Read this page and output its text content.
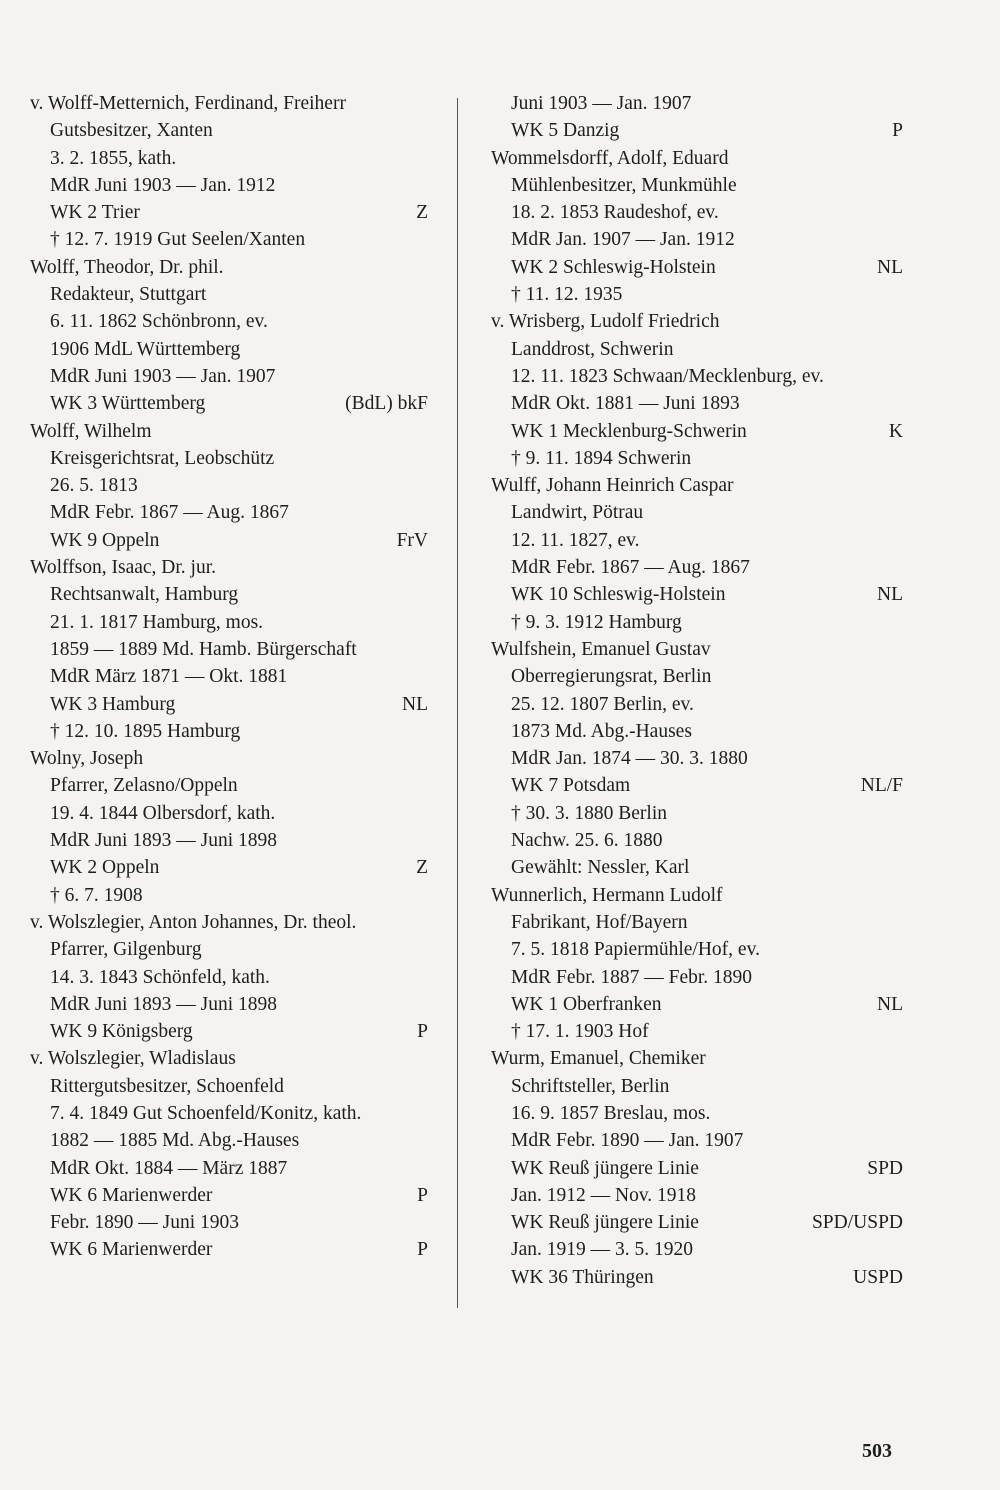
v. Wolff-Metternich, Ferdinand, Freiherr
Gutsbesitzer, Xanten
3. 2. 1855, kath.
MdR Juni 1903 — Jan. 1912
WK 2 Trier	Z
† 12. 7. 1919 Gut Seelen/Xanten
Wolff, Theodor, Dr. phil.
Redakteur, Stuttgart
6. 11. 1862 Schönbronn, ev.
1906 MdL Württemberg
MdR Juni 1903 — Jan. 1907
WK 3 Württemberg	(BdL) bkF
Wolff, Wilhelm
Kreisgerichtsrat, Leobschütz
26. 5. 1813
MdR Febr. 1867 — Aug. 1867
WK 9 Oppeln	FrV
Wolffson, Isaac, Dr. jur.
Rechtsanwalt, Hamburg
21. 1. 1817 Hamburg, mos.
1859 — 1889 Md. Hamb. Bürgerschaft
MdR März 1871 — Okt. 1881
WK 3 Hamburg	NL
† 12. 10. 1895 Hamburg
Wolny, Joseph
Pfarrer, Zelasno/Oppeln
19. 4. 1844 Olbersdorf, kath.
MdR Juni 1893 — Juni 1898
WK 2 Oppeln	Z
† 6. 7. 1908
v. Wolszlegier, Anton Johannes, Dr. theol.
Pfarrer, Gilgenburg
14. 3. 1843 Schönfeld, kath.
MdR Juni 1893 — Juni 1898
WK 9 Königsberg	P
v. Wolszlegier, Wladislaus
Rittergutsbesitzer, Schoenfeld
7. 4. 1849 Gut Schoenfeld/Konitz, kath.
1882 — 1885 Md. Abg.-Hauses
MdR Okt. 1884 — März 1887
WK 6 Marienwerder	P
Febr. 1890 — Juni 1903
WK 6 Marienwerder	P
Juni 1903 — Jan. 1907
WK 5 Danzig	P
Wommelsdorff, Adolf, Eduard
Mühlenbesitzer, Munkmühle
18. 2. 1853 Raudeshof, ev.
MdR Jan. 1907 — Jan. 1912
WK 2 Schleswig-Holstein	NL
† 11. 12. 1935
v. Wrisberg, Ludolf Friedrich
Landdrost, Schwerin
12. 11. 1823 Schwaan/Mecklenburg, ev.
MdR Okt. 1881 — Juni 1893
WK 1 Mecklenburg-Schwerin	K
† 9. 11. 1894 Schwerin
Wulff, Johann Heinrich Caspar
Landwirt, Pötrau
12. 11. 1827, ev.
MdR Febr. 1867 — Aug. 1867
WK 10 Schleswig-Holstein	NL
† 9. 3. 1912 Hamburg
Wulfshein, Emanuel Gustav
Oberregierungsrat, Berlin
25. 12. 1807 Berlin, ev.
1873 Md. Abg.-Hauses
MdR Jan. 1874 — 30. 3. 1880
WK 7 Potsdam	NL/F
† 30. 3. 1880 Berlin
Nachw. 25. 6. 1880
Gewählt: Nessler, Karl
Wunnerlich, Hermann Ludolf
Fabrikant, Hof/Bayern
7. 5. 1818 Papiermühle/Hof, ev.
MdR Febr. 1887 — Febr. 1890
WK 1 Oberfranken	NL
† 17. 1. 1903 Hof
Wurm, Emanuel, Chemiker
Schriftsteller, Berlin
16. 9. 1857 Breslau, mos.
MdR Febr. 1890 — Jan. 1907
WK Reuß jüngere Linie	SPD
Jan. 1912 — Nov. 1918
WK Reuß jüngere Linie	SPD/USPD
Jan. 1919 — 3. 5. 1920
WK 36 Thüringen	USPD
503
